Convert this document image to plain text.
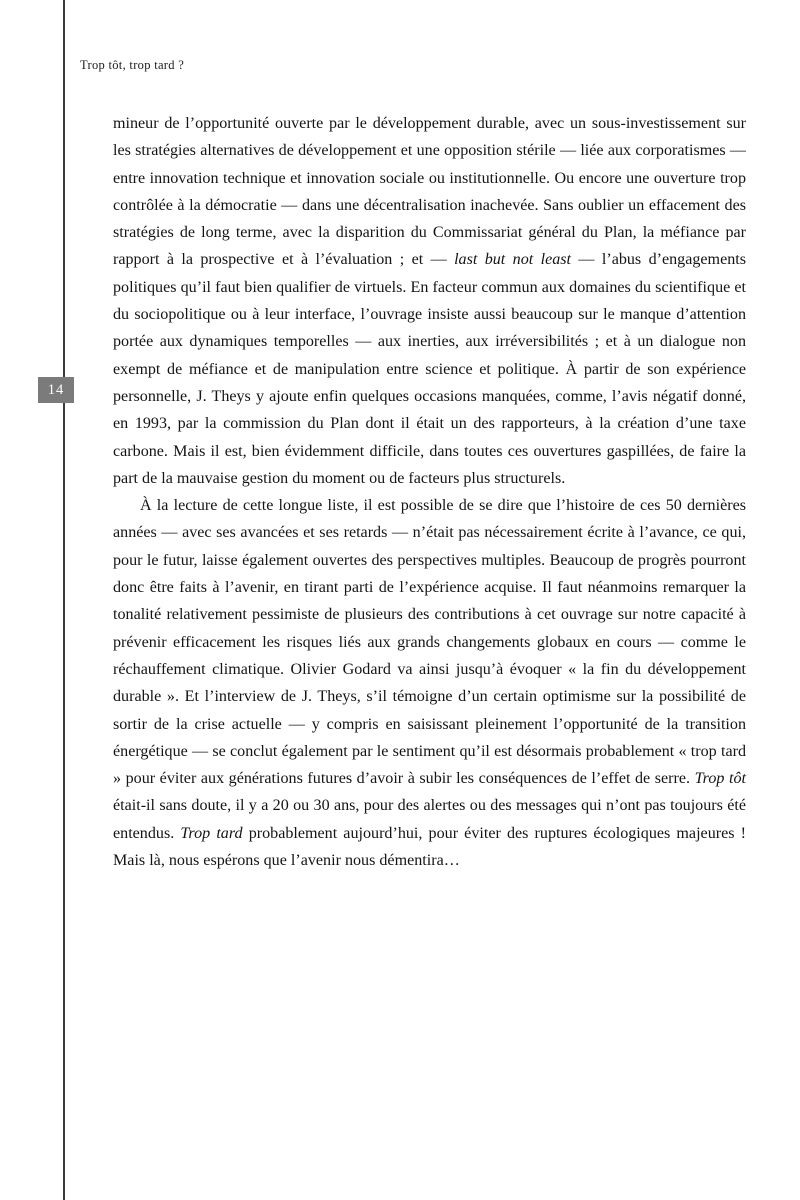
Trop tôt, trop tard ?
14

mineur de l’opportunité ouverte par le développement durable, avec un sous-investissement sur les stratégies alternatives de développement et une opposition stérile — liée aux corporatismes — entre innovation technique et innovation sociale ou institutionnelle. Ou encore une ouverture trop contrôlée à la démocratie — dans une décentralisation inachevée. Sans oublier un effacement des stratégies de long terme, avec la disparition du Commissariat général du Plan, la méfiance par rapport à la prospective et à l’évaluation ; et — last but not least — l’abus d’engagements politiques qu’il faut bien qualifier de virtuels. En facteur commun aux domaines du scientifique et du sociopolitique ou à leur interface, l’ouvrage insiste aussi beaucoup sur le manque d’attention portée aux dynamiques temporelles — aux inerties, aux irréversibilités ; et à un dialogue non exempt de méfiance et de manipulation entre science et politique. À partir de son expérience personnelle, J. Theys y ajoute enfin quelques occasions manquées, comme, l’avis négatif donné, en 1993, par la commission du Plan dont il était un des rapporteurs, à la création d’une taxe carbone. Mais il est, bien évidemment difficile, dans toutes ces ouvertures gaspillées, de faire la part de la mauvaise gestion du moment ou de facteurs plus structurels.

À la lecture de cette longue liste, il est possible de se dire que l’histoire de ces 50 dernières années — avec ses avancées et ses retards — n’était pas nécessairement écrite à l’avance, ce qui, pour le futur, laisse également ouvertes des perspectives multiples. Beaucoup de progrès pourront donc être faits à l’avenir, en tirant parti de l’expérience acquise. Il faut néanmoins remarquer la tonalité relativement pessimiste de plusieurs des contributions à cet ouvrage sur notre capacité à prévenir efficacement les risques liés aux grands changements globaux en cours — comme le réchauffement climatique. Olivier Godard va ainsi jusqu’à évoquer « la fin du développement durable ». Et l’interview de J. Theys, s’il témoigne d’un certain optimisme sur la possibilité de sortir de la crise actuelle — y compris en saisissant pleinement l’opportunité de la transition énergétique — se conclut également par le sentiment qu’il est désormais probablement « trop tard » pour éviter aux générations futures d’avoir à subir les conséquences de l’effet de serre. Trop tôt était-il sans doute, il y a 20 ou 30 ans, pour des alertes ou des messages qui n’ont pas toujours été entendus. Trop tard probablement aujourd’hui, pour éviter des ruptures écologiques majeures ! Mais là, nous espérons que l’avenir nous démentira…
